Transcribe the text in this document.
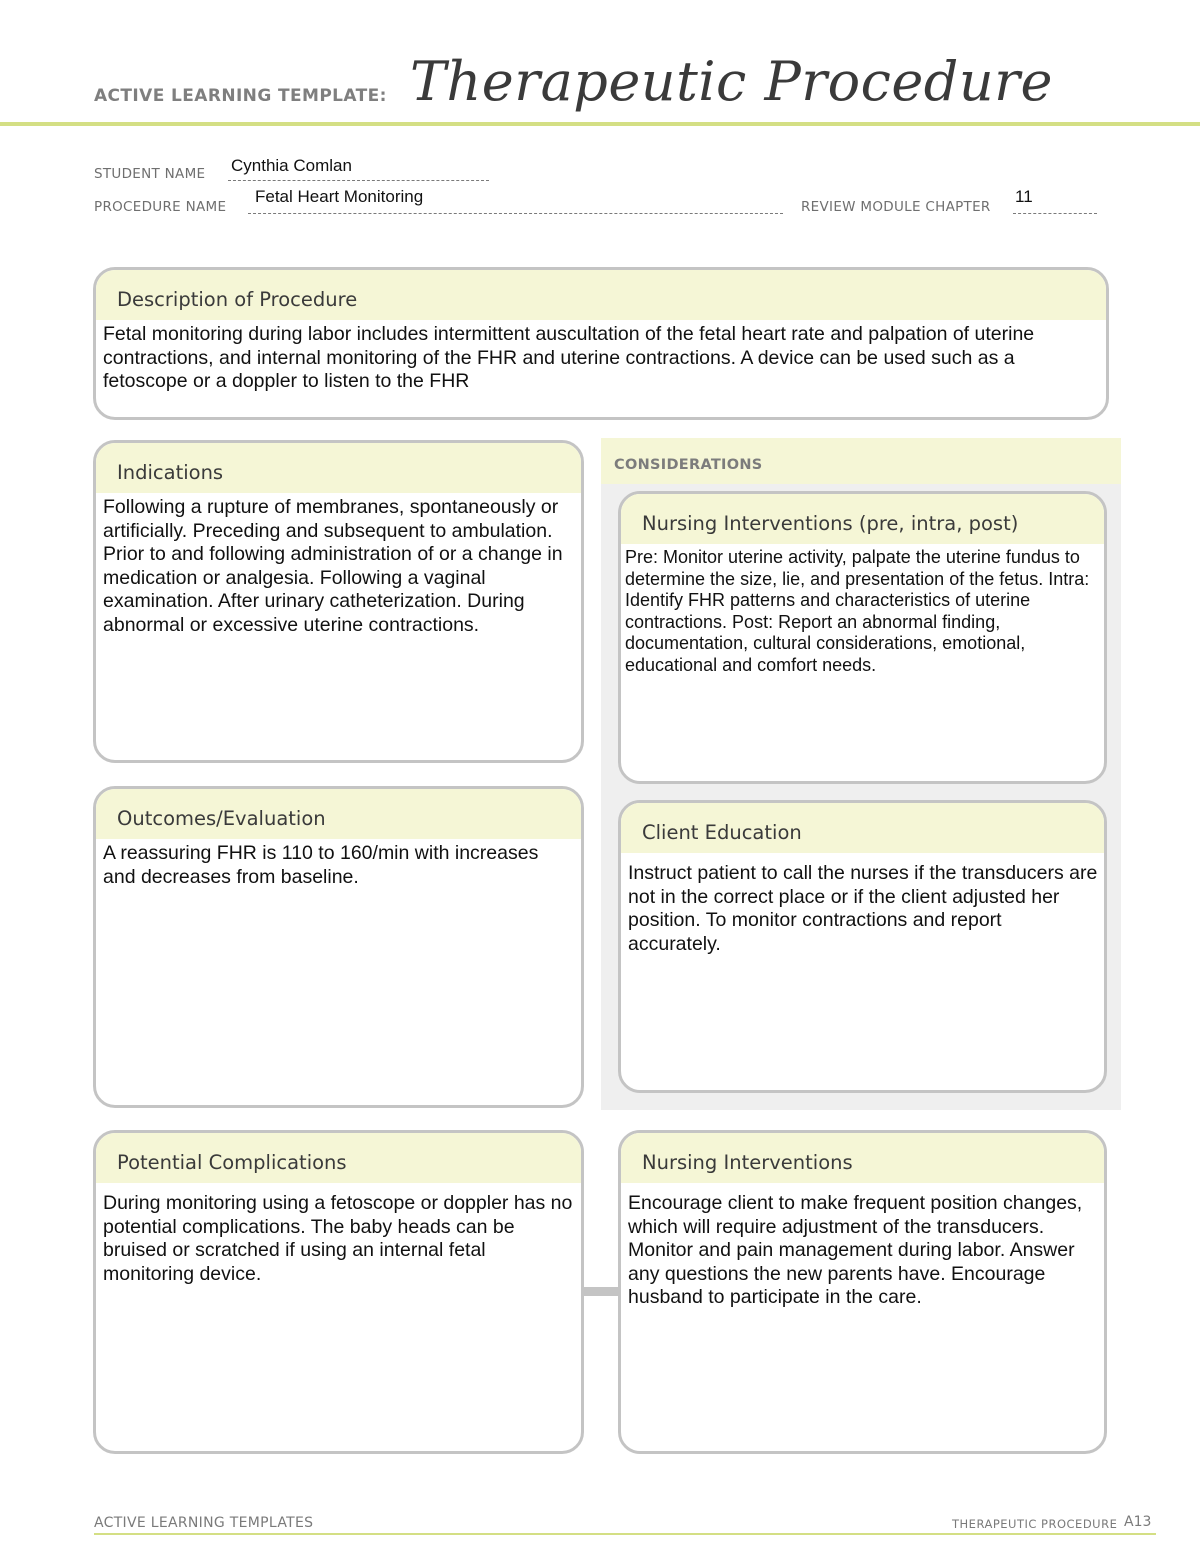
ACTIVE LEARNING TEMPLATE: Therapeutic Procedure
STUDENT NAME Cynthia Comlan
PROCEDURE NAME
Fetal Heart Monitoring
REVIEW MODULE CHAPTER
11
Description of Procedure
Fetal monitoring during labor includes intermittent auscultation of the fetal heart rate and palpation of uterine contractions, and internal monitoring of the FHR and uterine contractions. A device can be used such as a fetoscope or a doppler to listen to the FHR
CONSIDERATIONS
Indications
Following a rupture of membranes, spontaneously or artificially. Preceding and subsequent to ambulation. Prior to and following administration of or a change in medication or analgesia. Following a vaginal examination. After urinary catheterization. During abnormal or excessive uterine contractions.
Nursing Interventions (pre, intra, post)
Pre: Monitor uterine activity, palpate the uterine fundus to determine the size, lie, and presentation of the fetus. Intra: Identify FHR patterns and characteristics of uterine contractions. Post: Report an abnormal finding, documentation, cultural considerations, emotional, educational and comfort needs.
Outcomes/Evaluation
A reassuring FHR is 110 to 160/min with increases and decreases from baseline.
Client Education
Instruct patient to call the nurses if the transducers are not in the correct place or if the client adjusted her position. To monitor contractions and report accurately.
Potential Complications
During monitoring using a fetoscope or doppler has no potential complications. The baby heads can be bruised or scratched if using an internal fetal monitoring device.
Nursing Interventions
Encourage client to make frequent position changes, which will require adjustment of the transducers. Monitor and pain management during labor. Answer any questions the new parents have. Encourage husband to participate in the care.
ACTIVE LEARNING TEMPLATES	THERAPEUTIC PROCEDURE A13
